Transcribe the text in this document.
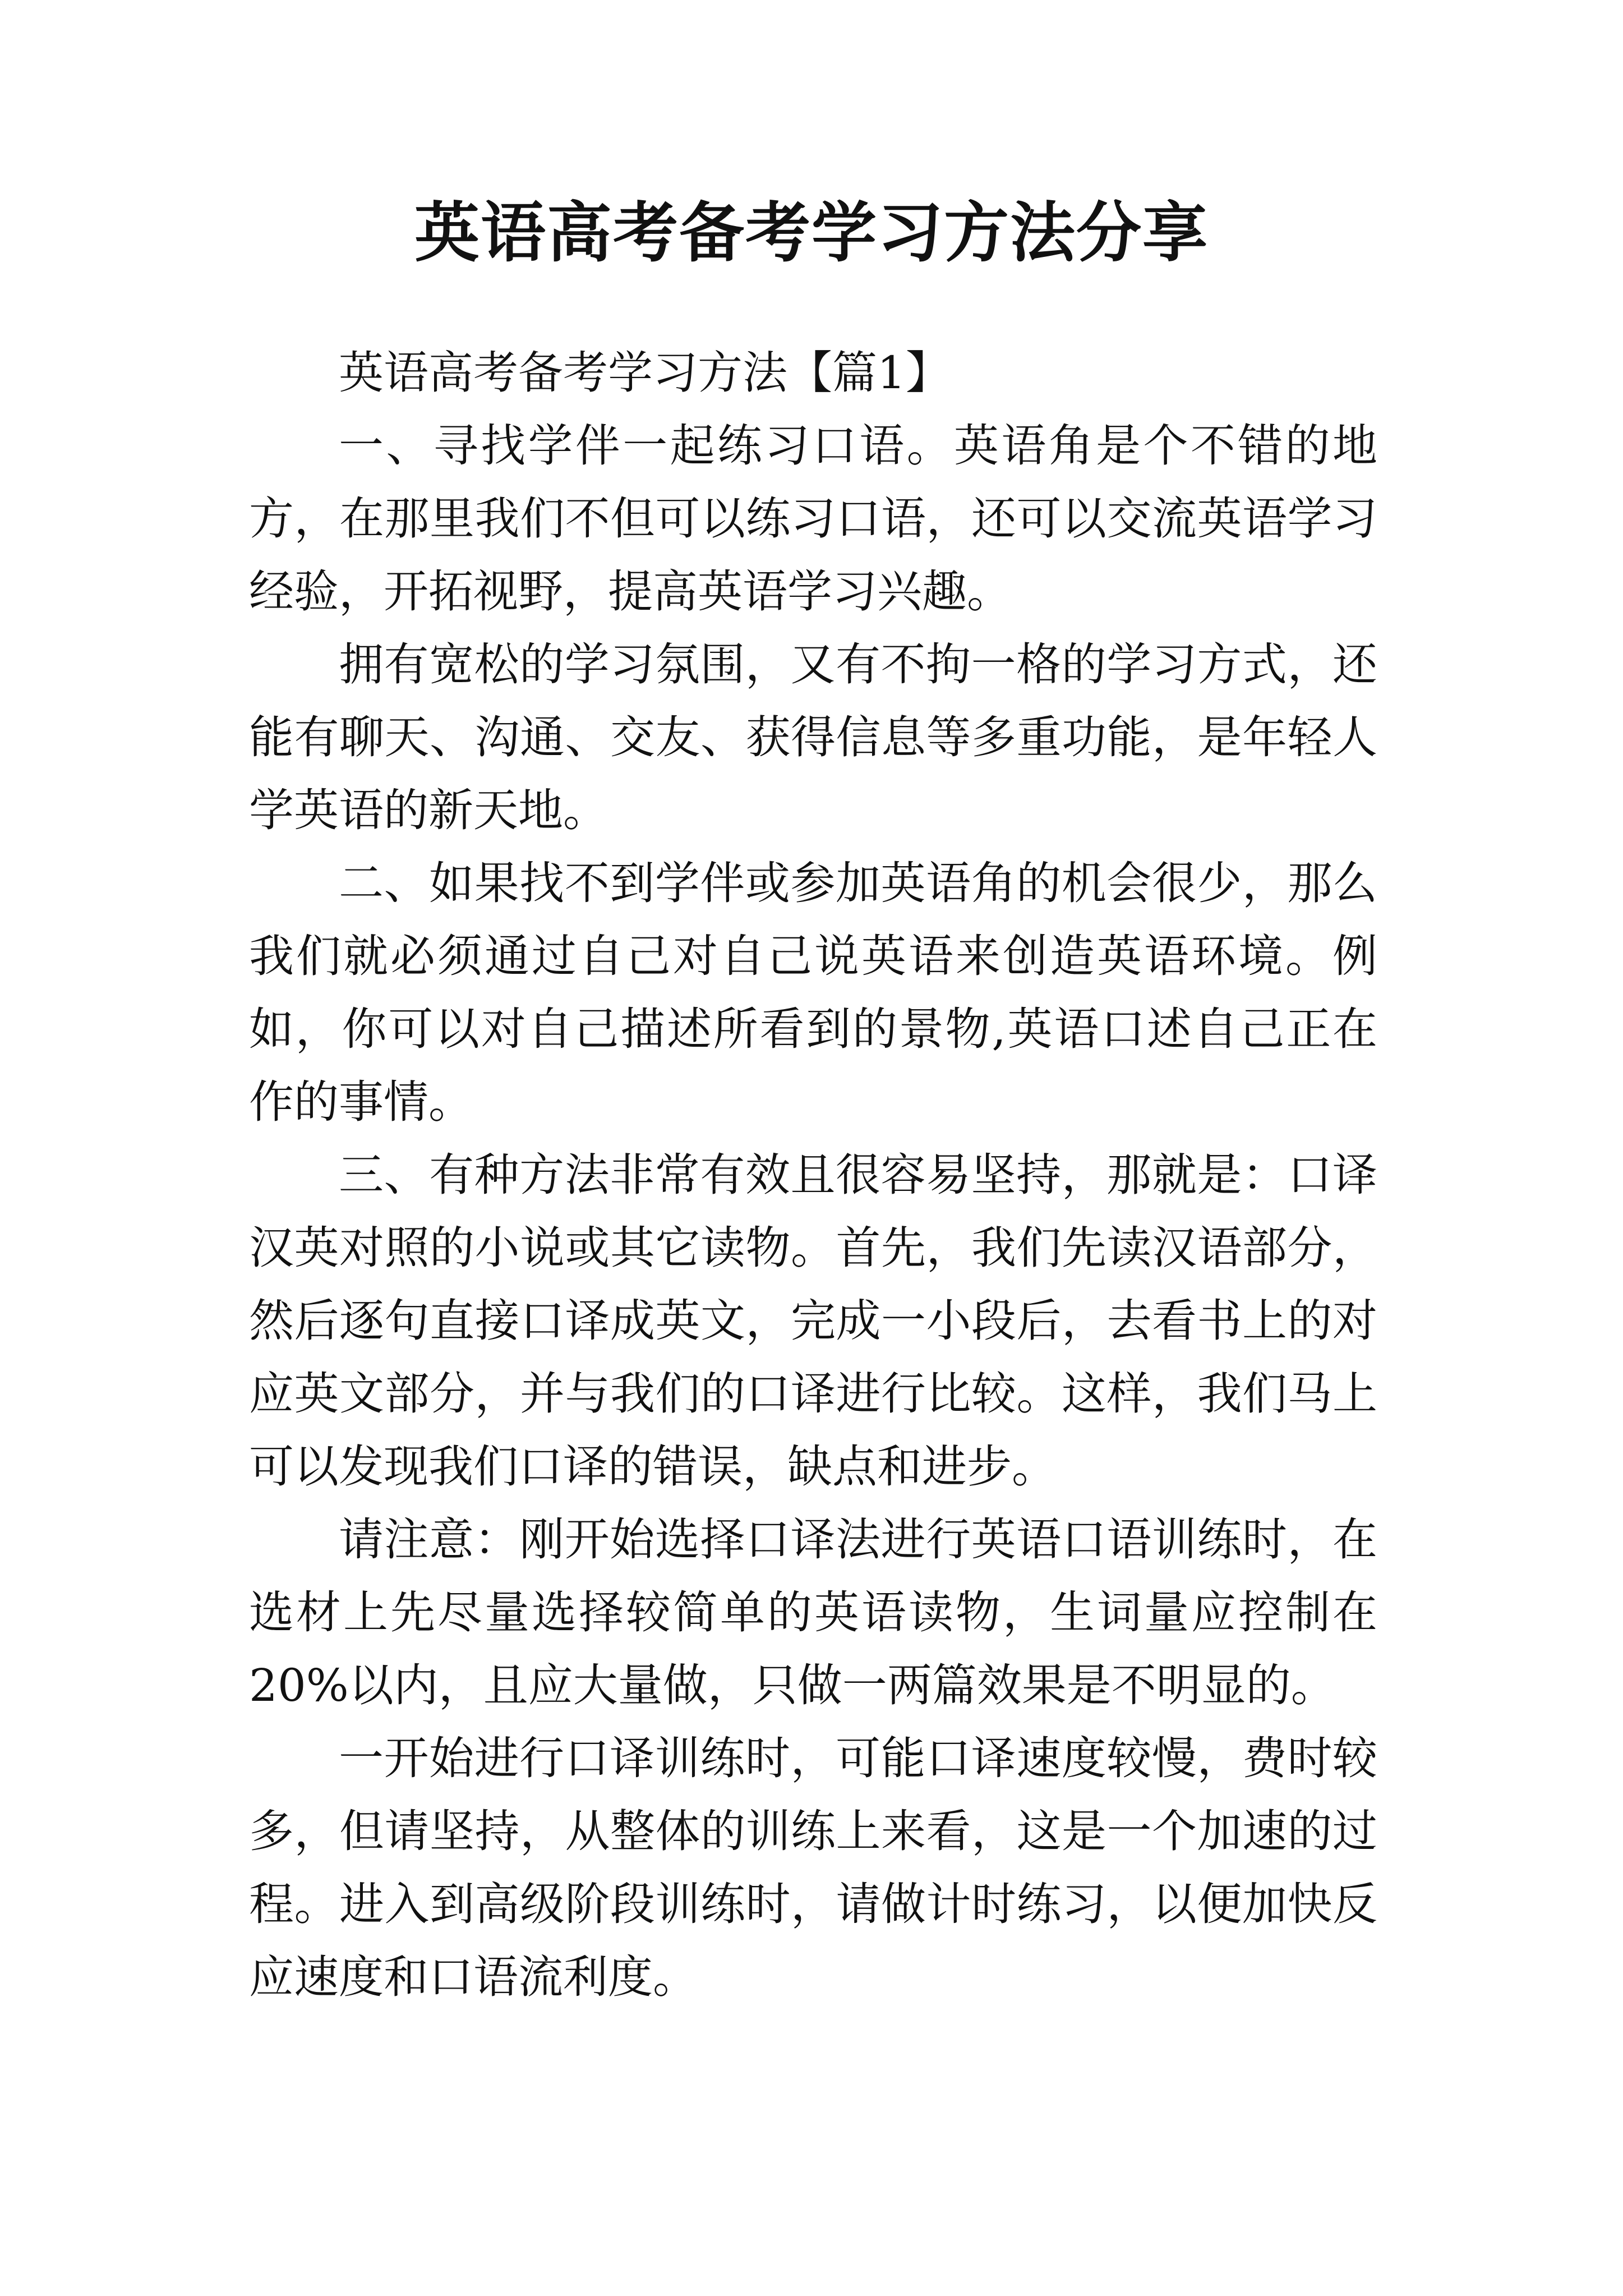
英语高考备考学习方法分享

英语高考备考学习方法【篇1】

一、寻找学伴一起练习口语。英语角是个不错的地方，在那里我们不但可以练习口语，还可以交流英语学习经验，开拓视野，提高英语学习兴趣。

拥有宽松的学习氛围，又有不拘一格的学习方式，还能有聊天、沟通、交友、获得信息等多重功能，是年轻人学英语的新天地。

二、如果找不到学伴或参加英语角的机会很少，那么我们就必须通过自己对自己说英语来创造英语环境。例如，你可以对自己描述所看到的景物,英语口述自己正在作的事情。

三、有种方法非常有效且很容易坚持，那就是：口译汉英对照的小说或其它读物。首先，我们先读汉语部分，然后逐句直接口译成英文，完成一小段后，去看书上的对应英文部分，并与我们的口译进行比较。这样，我们马上可以发现我们口译的错误，缺点和进步。

请注意：刚开始选择口译法进行英语口语训练时，在选材上先尽量选择较简单的英语读物，生词量应控制在20%以内，且应大量做，只做一两篇效果是不明显的。

一开始进行口译训练时，可能口译速度较慢，费时较多，但请坚持，从整体的训练上来看，这是一个加速的过程。进入到高级阶段训练时，请做计时练习，以便加快反应速度和口语流利度。
